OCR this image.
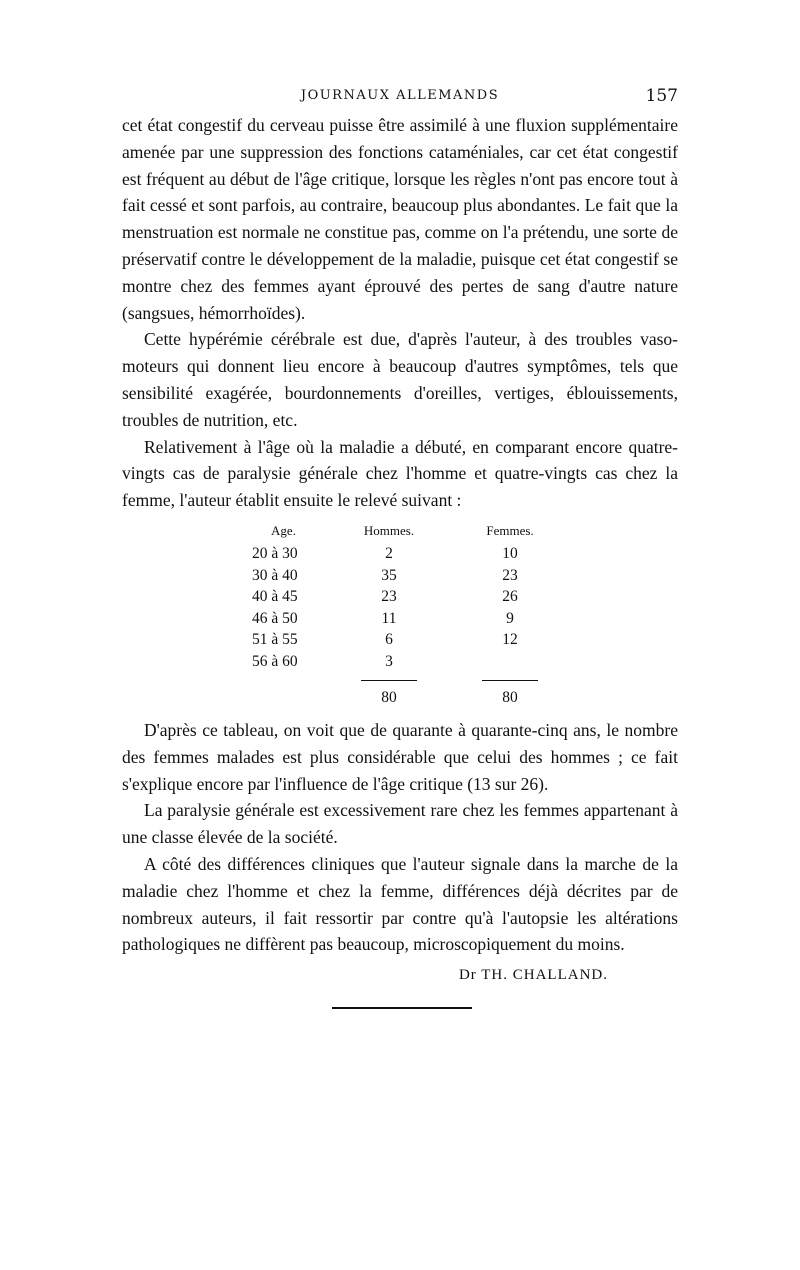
JOURNAUX ALLEMANDS	157

cet état congestif du cerveau puisse être assimilé à une fluxion supplémentaire amenée par une suppression des fonctions cataméniales, car cet état congestif est fréquent au début de l'âge critique, lorsque les règles n'ont pas encore tout à fait cessé et sont parfois, au contraire, beaucoup plus abondantes. Le fait que la menstruation est normale ne constitue pas, comme on l'a prétendu, une sorte de préservatif contre le développement de la maladie, puisque cet état congestif se montre chez des femmes ayant éprouvé des pertes de sang d'autre nature (sangsues, hémorrhoïdes).

Cette hypérémie cérébrale est due, d'après l'auteur, à des troubles vaso-moteurs qui donnent lieu encore à beaucoup d'autres symptômes, tels que sensibilité exagérée, bourdonnements d'oreilles, vertiges, éblouissements, troubles de nutrition, etc.

Relativement à l'âge où la maladie a débuté, en comparant encore quatre-vingts cas de paralysie générale chez l'homme et quatre-vingts cas chez la femme, l'auteur établit ensuite le relevé suivant :

Age.	Hommes.	Femmes.
20 à 30	2	10
30 à 40	35	23
40 à 45	23	26
46 à 50	11	9
51 à 55	6	12
56 à 60	3	
	80	80

D'après ce tableau, on voit que de quarante à quarante-cinq ans, le nombre des femmes malades est plus considérable que celui des hommes ; ce fait s'explique encore par l'influence de l'âge critique (13 sur 26).

La paralysie générale est excessivement rare chez les femmes appartenant à une classe élevée de la société.

A côté des différences cliniques que l'auteur signale dans la marche de la maladie chez l'homme et chez la femme, différences déjà décrites par de nombreux auteurs, il fait ressortir par contre qu'à l'autopsie les altérations pathologiques ne diffèrent pas beaucoup, microscopiquement du moins.

Dr TH. CHALLAND.
